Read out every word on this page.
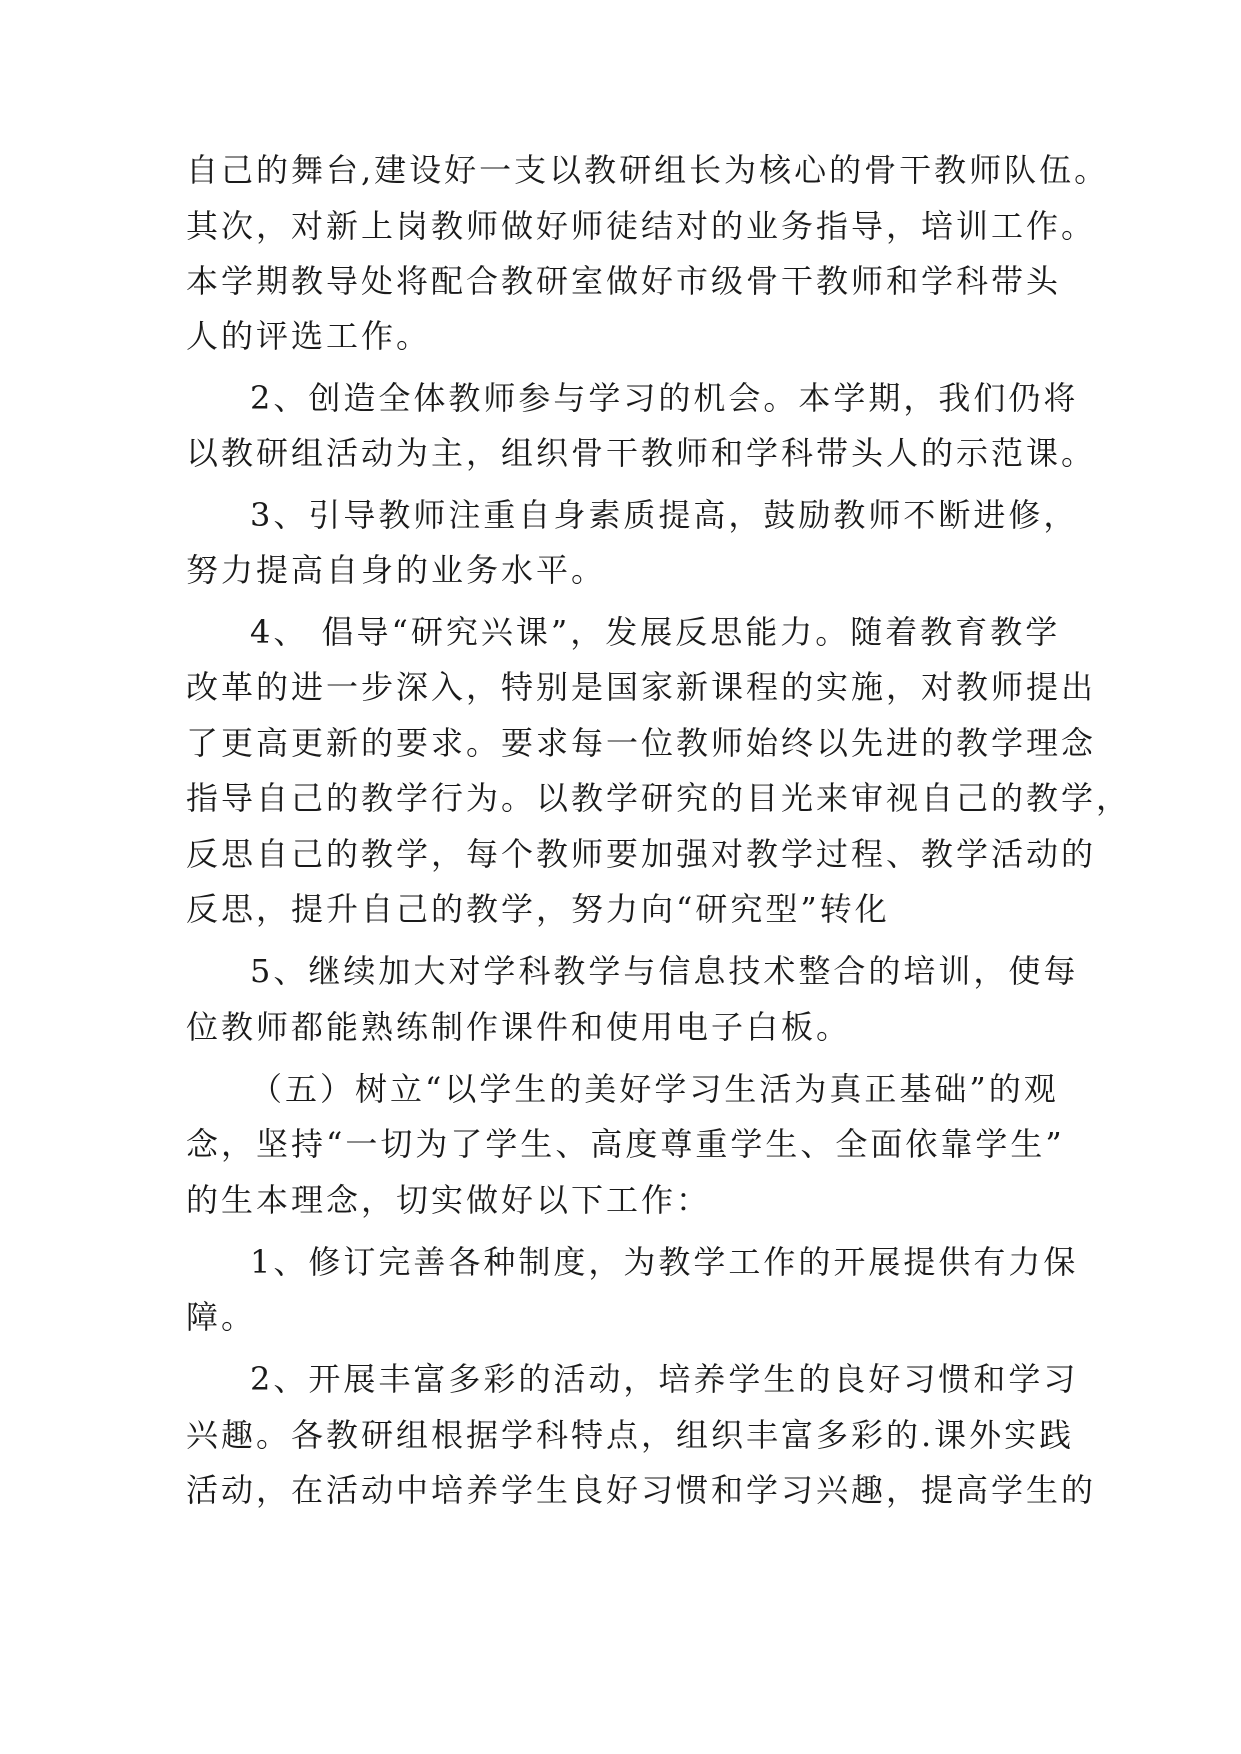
自己的舞台,建设好一支以教研组长为核心的骨干教师队伍。
其次，对新上岗教师做好师徒结对的业务指导，培训工作。
本学期教导处将配合教研室做好市级骨干教师和学科带头
人的评选工作。
2、创造全体教师参与学习的机会。本学期，我们仍将
以教研组活动为主，组织骨干教师和学科带头人的示范课。
3、引导教师注重自身素质提高，鼓励教师不断进修，
努力提高自身的业务水平。
4、 倡导“研究兴课”，发展反思能力。随着教育教学
改革的进一步深入，特别是国家新课程的实施，对教师提出
了更高更新的要求。要求每一位教师始终以先进的教学理念
指导自己的教学行为。以教学研究的目光来审视自己的教学，
反思自己的教学，每个教师要加强对教学过程、教学活动的
反思，提升自己的教学，努力向“研究型”转化
5、继续加大对学科教学与信息技术整合的培训，使每
位教师都能熟练制作课件和使用电子白板。
（五）树立“以学生的美好学习生活为真正基础”的观
念，坚持“一切为了学生、高度尊重学生、全面依靠学生”
的生本理念，切实做好以下工作：
1、修订完善各种制度，为教学工作的开展提供有力保
障。
2、开展丰富多彩的活动，培养学生的良好习惯和学习
兴趣。各教研组根据学科特点，组织丰富多彩的.课外实践
活动，在活动中培养学生良好习惯和学习兴趣，提高学生的
